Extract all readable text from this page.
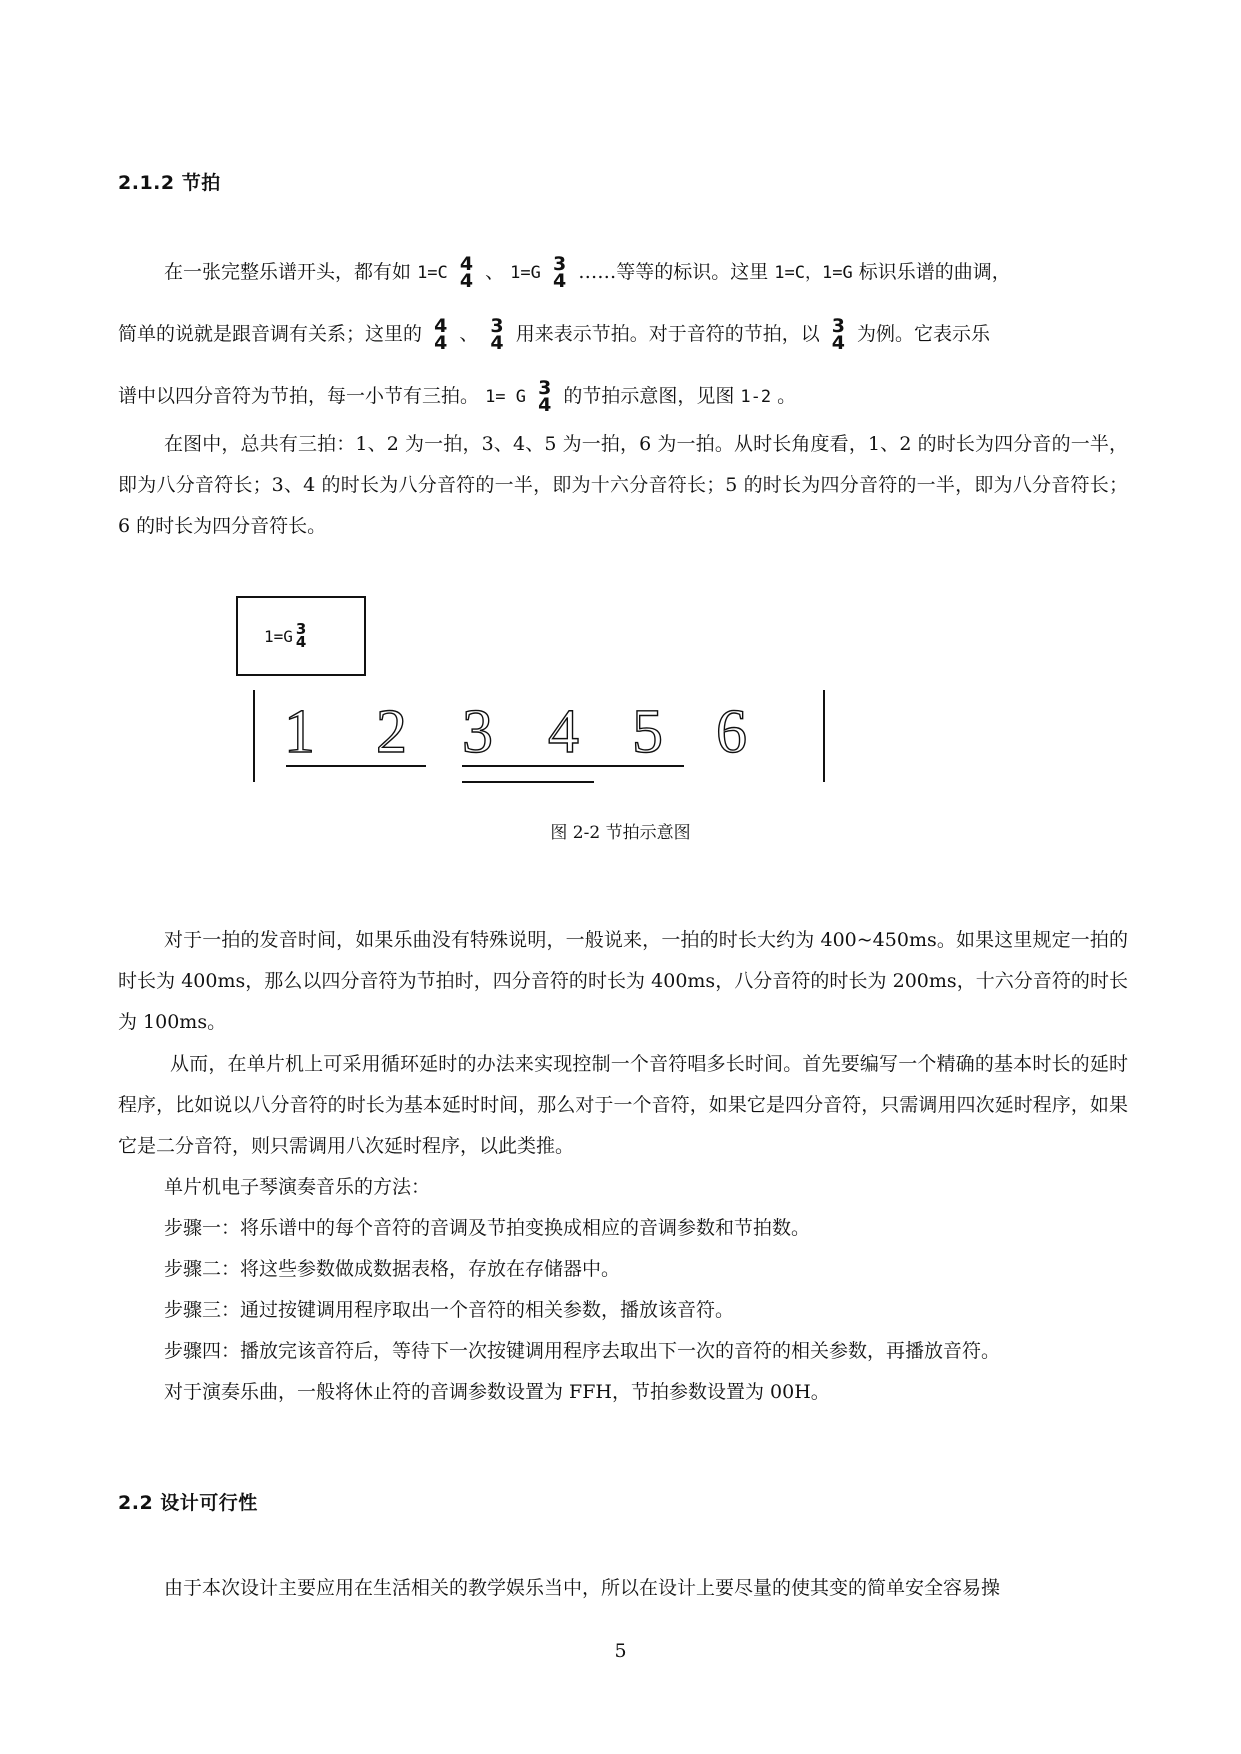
2.1.2 节拍
在一张完整乐谱开头，都有如 1=C 4
4 、 1=G 3
4 ……等等的标识。这里 1=C，1=G 标识乐谱的曲调，
简单的说就是跟音调有关系；这里的 4
4 、 3
4 用来表示节拍。对于音符的节拍，以 3
4 为例。它表示乐
谱中以四分音符为节拍，每一小节有三拍。 1= G 3
4 的节拍示意图，见图 1-2 。
在图中，总共有三拍：1、2 为一拍，3、4、5 为一拍，6 为一拍。从时长角度看，1、2 的时长为四分音的一半，即为八分音符长；3、4 的时长为八分音符的一半，即为十六分音符长；5 的时长为四分音符的一半，即为八分音符长；6 的时长为四分音符长。
1=G 3
4
1 2 3 4 5 6
图 2-2 节拍示意图
对于一拍的发音时间，如果乐曲没有特殊说明，一般说来，一拍的时长大约为 400~450ms。如果这里规定一拍的时长为 400ms，那么以四分音符为节拍时，四分音符的时长为 400ms，八分音符的时长为 200ms，十六分音符的时长为 100ms。
从而，在单片机上可采用循环延时的办法来实现控制一个音符唱多长时间。首先要编写一个精确的基本时长的延时程序，比如说以八分音符的时长为基本延时时间，那么对于一个音符，如果它是四分音符，只需调用四次延时程序，如果它是二分音符，则只需调用八次延时程序，以此类推。
单片机电子琴演奏音乐的方法：
步骤一：将乐谱中的每个音符的音调及节拍变换成相应的音调参数和节拍数。
步骤二：将这些参数做成数据表格，存放在存储器中。
步骤三：通过按键调用程序取出一个音符的相关参数，播放该音符。
步骤四：播放完该音符后，等待下一次按键调用程序去取出下一次的音符的相关参数，再播放音符。
对于演奏乐曲，一般将休止符的音调参数设置为 FFH，节拍参数设置为 00H。
2.2 设计可行性
由于本次设计主要应用在生活相关的教学娱乐当中，所以在设计上要尽量的使其变的简单安全容易操
5
